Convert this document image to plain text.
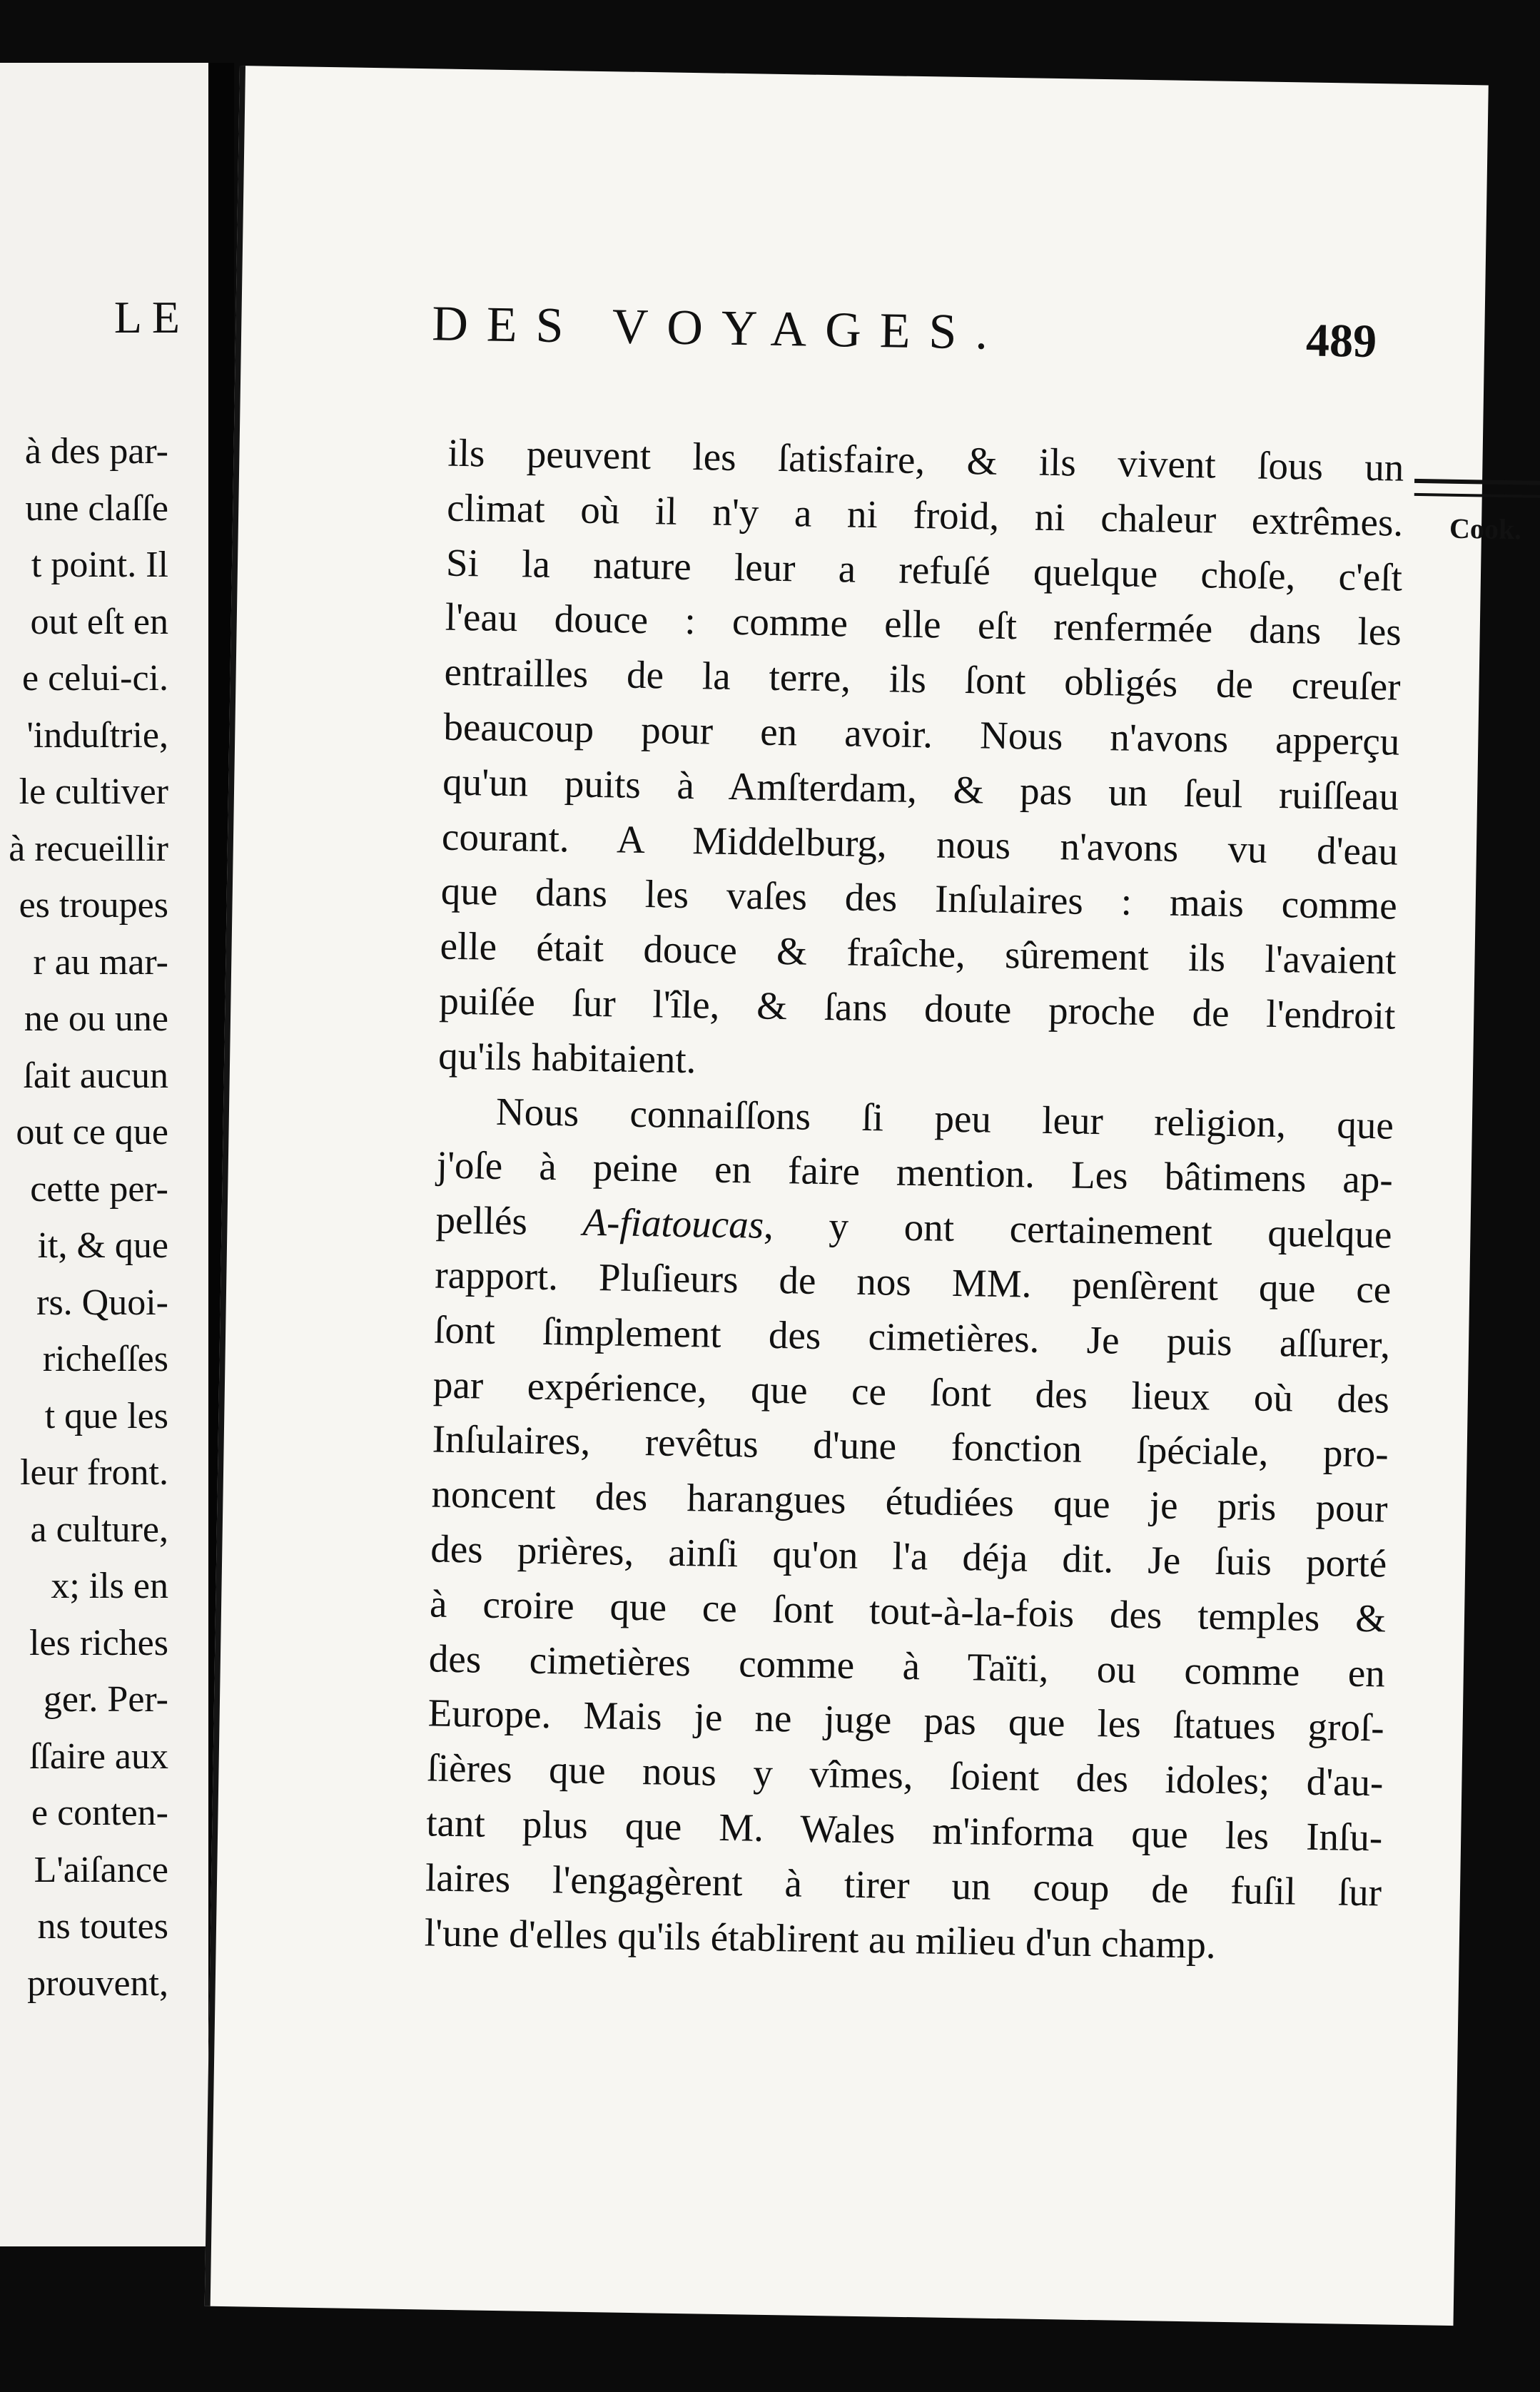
LE
à des par-
une claſſe
t point. Il
out eſt en
e celui-ci.
'induſtrie,
le cultiver
à recueillir
es troupes
r au mar-
ne ou une
ſait aucun
out ce que
cette per-
it, & que
rs. Quoi-
richeſſes
t que les
leur front.
a culture,
x; ils en
les riches
ger. Per-
ſſaire aux
e conten-
L'aiſance
ns toutes
prouvent,
DES VOYAGES.	489
ils peuvent les ſatisfaire, & ils vivent ſous un
climat où il n'y a ni froid, ni chaleur extrêmes.
Si la nature leur a refuſé quelque choſe, c'eſt
l'eau douce : comme elle eſt renfermée dans les
entrailles de la terre, ils ſont obligés de creuſer
beaucoup pour en avoir. Nous n'avons apperçu
qu'un puits à Amſterdam, & pas un ſeul ruiſſeau
courant. A Middelburg, nous n'avons vu d'eau
que dans les vaſes des Inſulaires : mais comme
elle était douce & fraîche, sûrement ils l'avaient
puiſée ſur l'île, & ſans doute proche de l'endroit
qu'ils habitaient.
Nous connaiſſons ſi peu leur religion, que
j'oſe à peine en faire mention. Les bâtimens ap-
pellés A-fiatoucas, y ont certainement quelque
rapport. Pluſieurs de nos MM. penſèrent que ce
ſont ſimplement des cimetières. Je puis aſſurer,
par expérience, que ce ſont des lieux où des
Inſulaires, revêtus d'une fonction ſpéciale, pro-
noncent des harangues étudiées que je pris pour
des prières, ainſi qu'on l'a déja dit. Je ſuis porté
à croire que ce ſont tout-à-la-fois des temples &
des cimetières comme à Taïti, ou comme en
Europe. Mais je ne juge pas que les ſtatues groſ-
ſières que nous y vîmes, ſoient des idoles; d'au-
tant plus que M. Wales m'informa que les Inſu-
laires l'engagèrent à tirer un coup de fuſil ſur
l'une d'elles qu'ils établirent au milieu d'un champ.
Cook.
